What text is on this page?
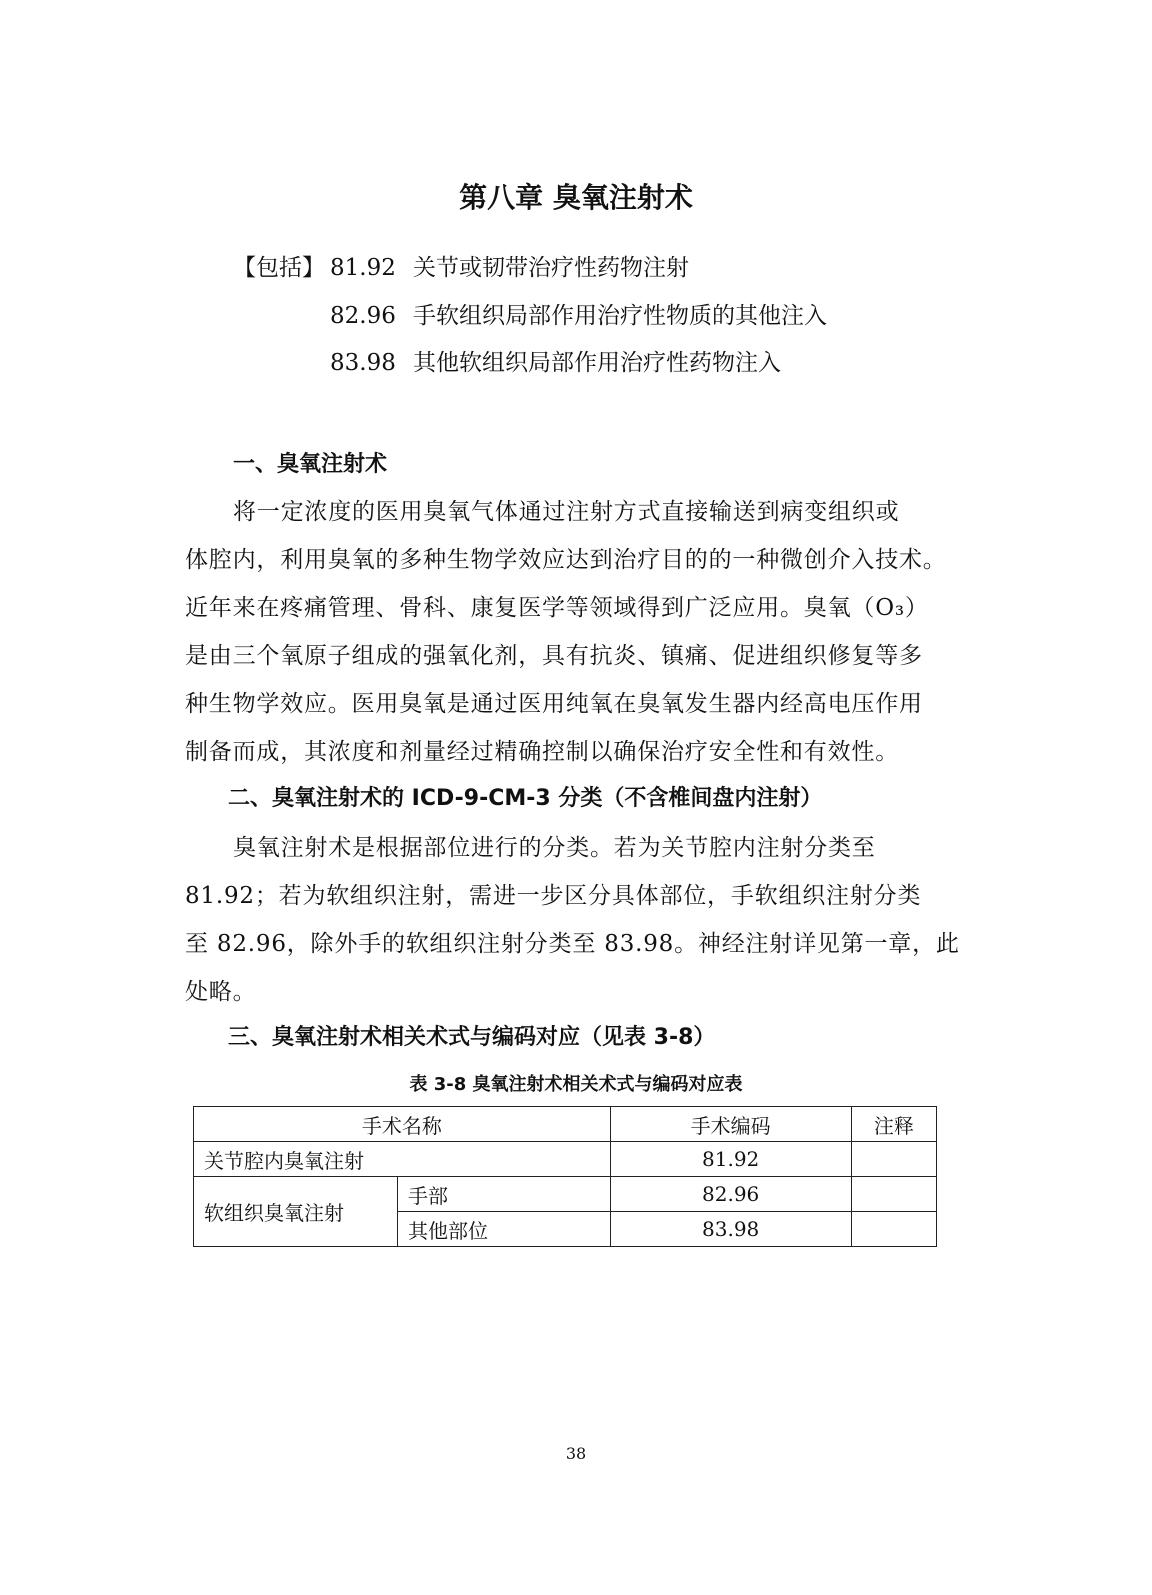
第八章 臭氧注射术
【包括】 81.92 关节或韧带治疗性药物注射
82.96 手软组织局部作用治疗性物质的其他注入
83.98 其他软组织局部作用治疗性药物注入
一、臭氧注射术
将一定浓度的医用臭氧气体通过注射方式直接输送到病变组织或
体腔内，利用臭氧的多种生物学效应达到治疗目的的一种微创介入技术。
近年来在疼痛管理、骨科、康复医学等领域得到广泛应用。臭氧（O₃）
是由三个氧原子组成的强氧化剂，具有抗炎、镇痛、促进组织修复等多
种生物学效应。医用臭氧是通过医用纯氧在臭氧发生器内经高电压作用
制备而成，其浓度和剂量经过精确控制以确保治疗安全性和有效性。
二、臭氧注射术的 ICD-9-CM-3 分类（不含椎间盘内注射）
臭氧注射术是根据部位进行的分类。若为关节腔内注射分类至
81.92；若为软组织注射，需进一步区分具体部位，手软组织注射分类
至 82.96，除外手的软组织注射分类至 83.98。神经注射详见第一章，此
处略。
三、臭氧注射术相关术式与编码对应（见表 3-8）
表 3-8 臭氧注射术相关术式与编码对应表
手术名称		手术编码	注释
关节腔内臭氧注射		81.92	
软组织臭氧注射	手部	82.96	
	其他部位	83.98	
38
